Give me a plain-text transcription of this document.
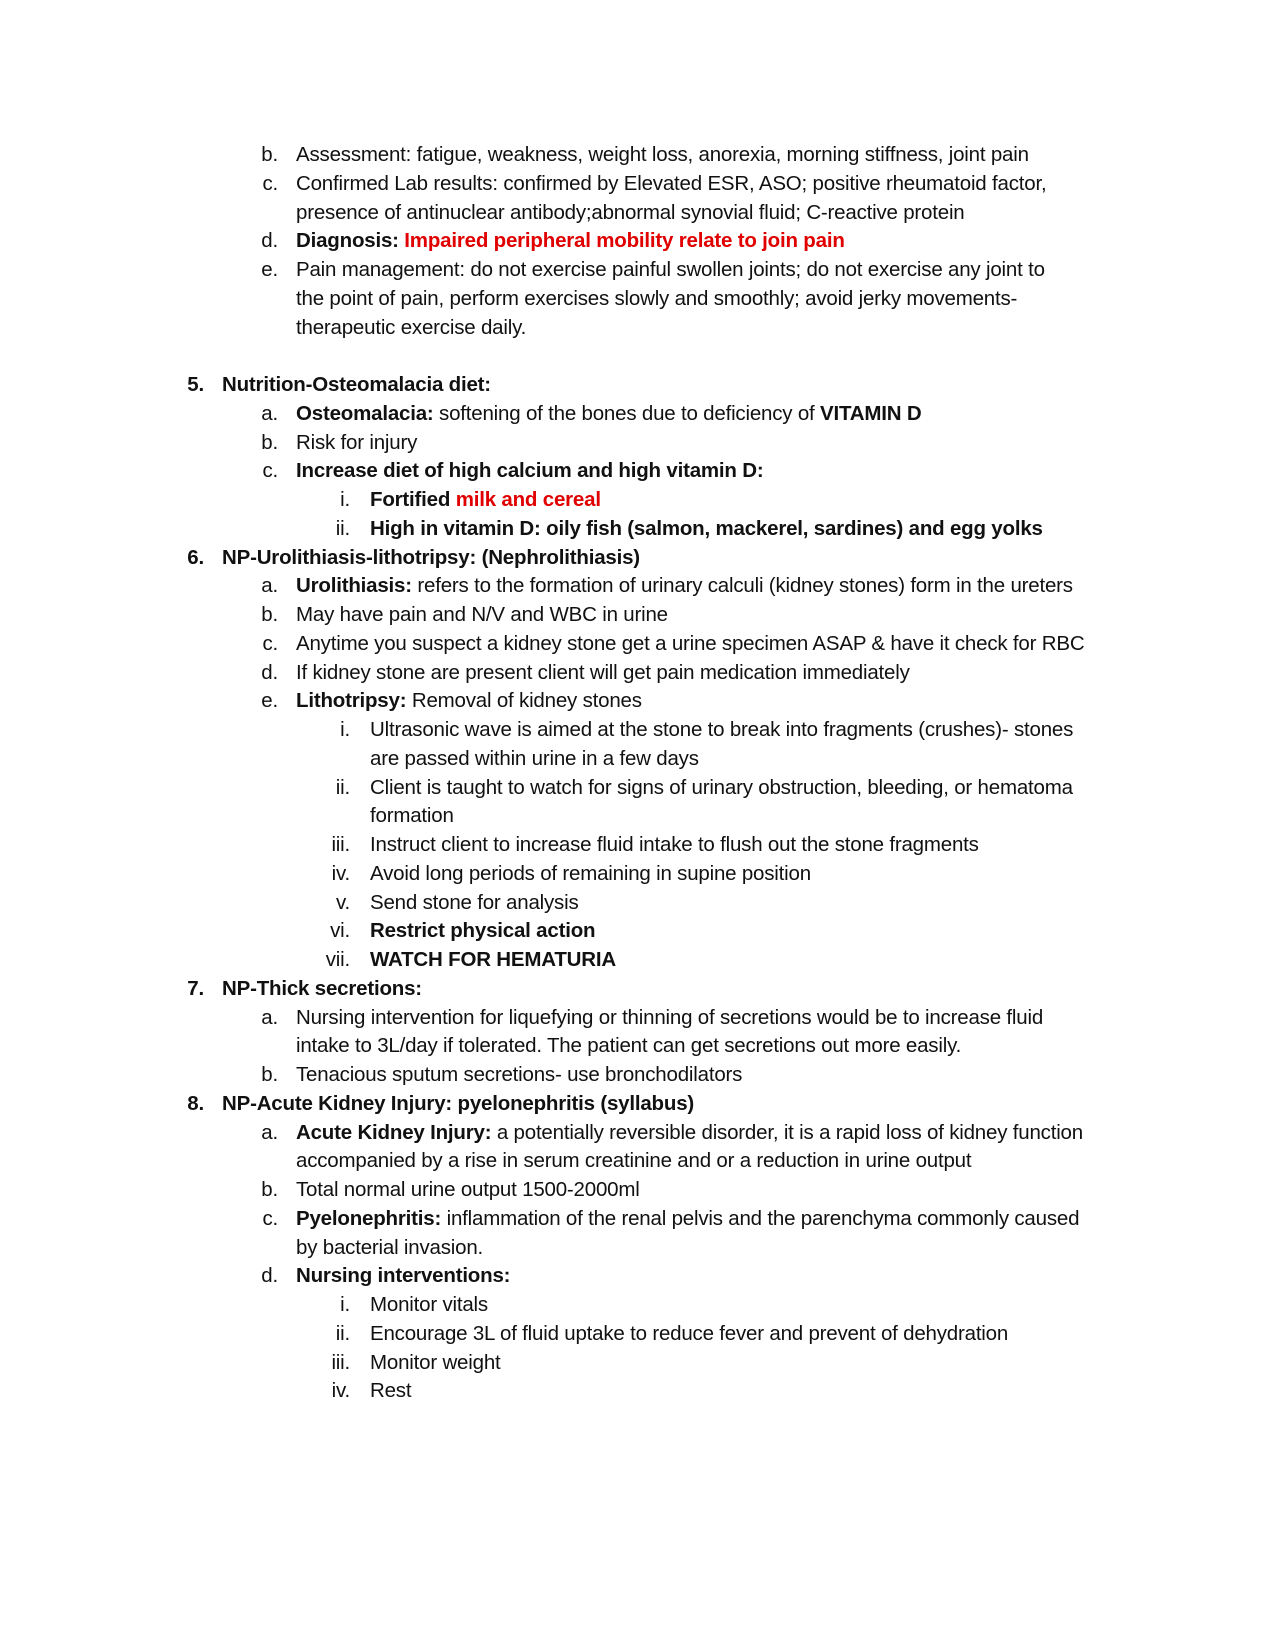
b. Assessment: fatigue, weakness, weight loss, anorexia, morning stiffness, joint pain
c. Confirmed Lab results: confirmed by Elevated ESR, ASO; positive rheumatoid factor,
presence of antinuclear antibody;abnormal synovial fluid; C-reactive protein
d. Diagnosis: Impaired peripheral mobility relate to join pain
e. Pain management: do not exercise painful swollen joints; do not exercise any joint to
the point of pain, perform exercises slowly and smoothly; avoid jerky movements-
therapeutic exercise daily.
5. Nutrition-Osteomalacia diet:
a. Osteomalacia: softening of the bones due to deficiency of VITAMIN D
b. Risk for injury
c. Increase diet of high calcium and high vitamin D:
i. Fortified milk and cereal
ii. High in vitamin D: oily fish (salmon, mackerel, sardines) and egg yolks
6. NP-Urolithiasis-lithotripsy: (Nephrolithiasis)
a. Urolithiasis: refers to the formation of urinary calculi (kidney stones) form in the ureters
b. May have pain and N/V and WBC in urine
c. Anytime you suspect a kidney stone get a urine specimen ASAP & have it check for RBC
d. If kidney stone are present client will get pain medication immediately
e. Lithotripsy: Removal of kidney stones
i. Ultrasonic wave is aimed at the stone to break into fragments (crushes)- stones
are passed within urine in a few days
ii. Client is taught to watch for signs of urinary obstruction, bleeding, or hematoma
formation
iii. Instruct client to increase fluid intake to flush out the stone fragments
iv. Avoid long periods of remaining in supine position
v. Send stone for analysis
vi. Restrict physical action
vii. WATCH FOR HEMATURIA
7. NP-Thick secretions:
a. Nursing intervention for liquefying or thinning of secretions would be to increase fluid
intake to 3L/day if tolerated. The patient can get secretions out more easily.
b. Tenacious sputum secretions- use bronchodilators
8. NP-Acute Kidney Injury: pyelonephritis (syllabus)
a. Acute Kidney Injury: a potentially reversible disorder, it is a rapid loss of kidney function
accompanied by a rise in serum creatinine and or a reduction in urine output
b. Total normal urine output 1500-2000ml
c. Pyelonephritis: inflammation of the renal pelvis and the parenchyma commonly caused
by bacterial invasion.
d. Nursing interventions:
i. Monitor vitals
ii. Encourage 3L of fluid uptake to reduce fever and prevent of dehydration
iii. Monitor weight
iv. Rest
